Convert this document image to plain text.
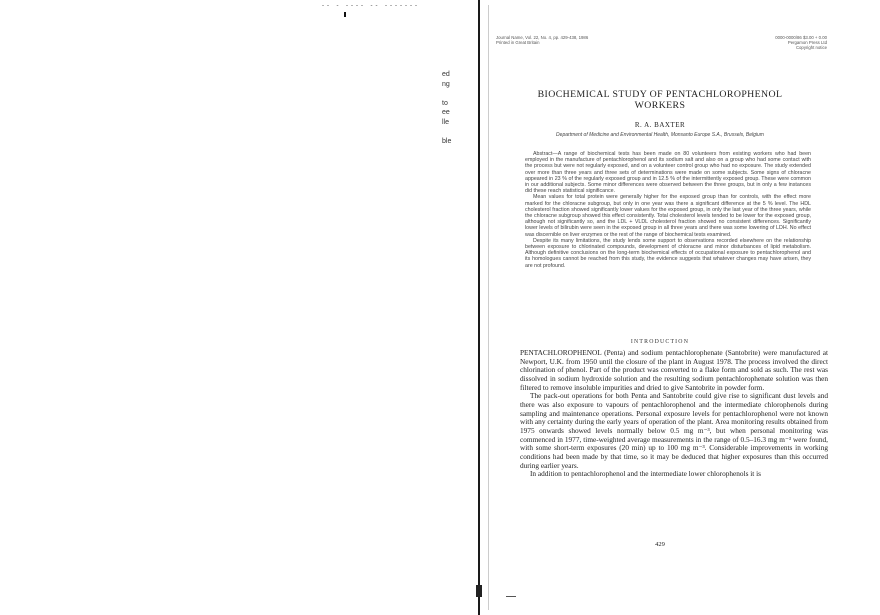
-- - ---- -- -------
ed
ng

to
ee
lle

ble
Journal Name, Vol. 22, No. 4, pp. 429-438, 1986
Printed in Great Britain
0000-0000/86 $3.00 + 0.00
Pergamon Press Ltd
Copyright notice
BIOCHEMICAL STUDY OF PENTACHLOROPHENOL
WORKERS
R. A. BAXTER
Department of Medicine and Environmental Health, Monsanto Europe S.A., Brussels, Belgium

Abstract—A range of biochemical tests has been made on 80 volunteers from existing workers who had been employed in the manufacture of pentachlorophenol and its sodium salt and also on a group who had some contact with the process but were not regularly exposed, and on a volunteer control group who had no exposure. The study extended over more than three years and three sets of determinations were made on some subjects. Some signs of chloracne appeared in 23 % of the regularly exposed group and in 12.5 % of the intermittently exposed group. These were common in our additional subjects. Some minor differences were observed between the three groups, but in only a few instances did these reach statistical significance.

Mean values for total protein were generally higher for the exposed group than for controls, with the effect more marked for the chloracne subgroup, but only in one year was there a significant difference at the 5 % level. The HDL cholesterol fraction showed significantly lower values for the exposed group, in only the last year of the three years, while the chloracne subgroup showed this effect consistently. Total cholesterol levels tended to be lower for the exposed group, although not significantly so, and the LDL + VLDL cholesterol fraction showed no consistent differences. Significantly lower levels of bilirubin were seen in the exposed group in all three years and there was some lowering of LDH. No effect was discernible on liver enzymes or the rest of the range of biochemical tests examined.

Despite its many limitations, the study lends some support to observations recorded elsewhere on the relationship between exposure to chlorinated compounds, development of chloracne and minor disturbances of lipid metabolism. Although definitive conclusions on the long-term biochemical effects of occupational exposure to pentachlorophenol and its homologues cannot be reached from this study, the evidence suggests that whatever changes may have arisen, they are not profound.

INTRODUCTION

PENTACHLOROPHENOL (Penta) and sodium pentachlorophenate (Santobrite) were manufactured at Newport, U.K. from 1950 until the closure of the plant in August 1978. The process involved the direct chlorination of phenol. Part of the product was converted to a flake form and sold as such. The rest was dissolved in sodium hydroxide solution and the resulting sodium pentachlorophenate solution was then filtered to remove insoluble impurities and dried to give Santobrite in powder form.

The pack-out operations for both Penta and Santobrite could give rise to significant dust levels and there was also exposure to vapours of pentachlorophenol and the intermediate chlorophenols during sampling and maintenance operations. Personal exposure levels for pentachlorophenol were not known with any certainty during the early years of operation of the plant. Area monitoring results obtained from 1975 onwards showed levels normally below 0.5 mg m⁻³, but when personal monitoring was commenced in 1977, time-weighted average measurements in the range of 0.5–16.3 mg m⁻³ were found, with some short-term exposures (20 min) up to 100 mg m⁻³. Considerable improvements in working conditions had been made by that time, so it may be deduced that higher exposures than this occurred during earlier years.

In addition to pentachlorophenol and the intermediate lower chlorophenols it is

429
